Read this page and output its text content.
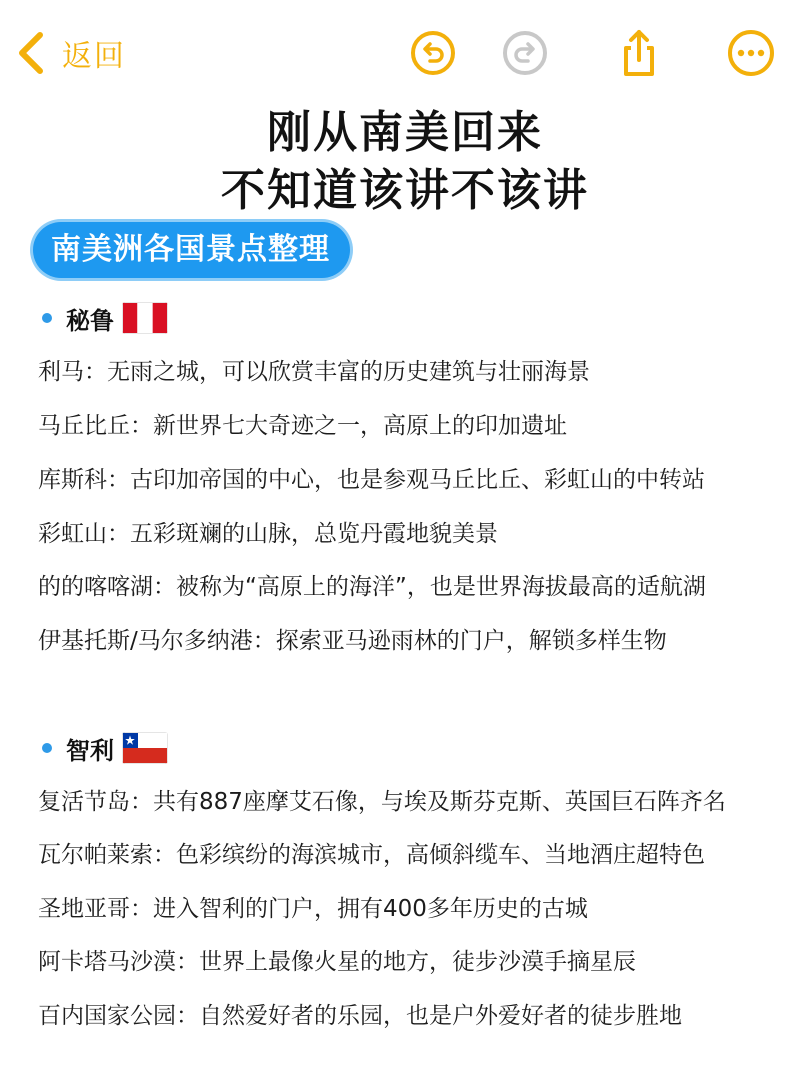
返回
刚从南美回来
不知道该讲不该讲
南美洲各国景点整理
秘鲁
利马：无雨之城，可以欣赏丰富的历史建筑与壮丽海景
马丘比丘：新世界七大奇迹之一，高原上的印加遗址
库斯科：古印加帝国的中心，也是参观马丘比丘、彩虹山的中转站
彩虹山：五彩斑斓的山脉，总览丹霞地貌美景
的的喀喀湖：被称为“高原上的海洋”，也是世界海拔最高的适航湖
伊基托斯/马尔多纳港：探索亚马逊雨林的门户，解锁多样生物
智利
复活节岛：共有887座摩艾石像，与埃及斯芬克斯、英国巨石阵齐名
瓦尔帕莱索：色彩缤纷的海滨城市，高倾斜缆车、当地酒庄超特色
圣地亚哥：进入智利的门户，拥有400多年历史的古城
阿卡塔马沙漠：世界上最像火星的地方，徒步沙漠手摘星辰
百内国家公园：自然爱好者的乐园，也是户外爱好者的徒步胜地
